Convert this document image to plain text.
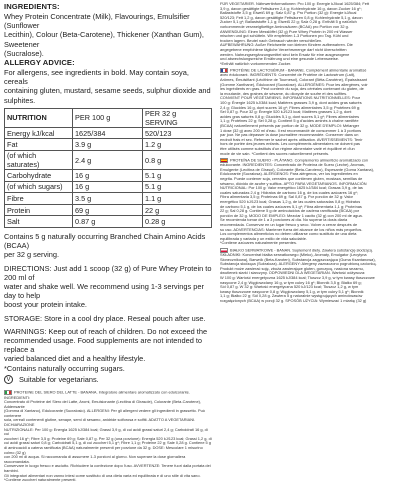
INGREDIENTS:
Whey Protein Concentrate (Milk), Flavourings, Emulsifier (Sunflower
Lecithin), Colour (Beta-Carotene), Thickener (Xanthan Gum), Sweetener
(Sucralose).
ALLERGY ADVICE:
For allergens, see ingredients in bold. May contain soya, cereals
containing gluten, mustard, sesame seeds, sulphur dioxide and sulphites.
NUTRITION	PER 100 g	PER 32 g SERVING
Energy kJ/kcal	1625/384	520/123
Fat	3.9 g	1.2 g
(of which saturates)	2.4 g	0.8 g
Carbohydrate	16 g	5.1 g
(of which sugars)	16 g	5.1 g
Fibre	3.5 g	1.1 g
Protein	69 g	22 g
Salt	0.87 g	0.28 g
Contains 5 g naturally occurring Branched Chain Amino Acids (BCAA)
per 32 g serving.
DIRECTIONS: Just add 1 scoop (32 g) of Pure Whey Protein to 200 ml of
water and shake well. We recommend using 1-3 servings per day to help
boost your protein intake.
STORAGE: Store in a cool dry place. Reseal pouch after use.
WARNINGS: Keep out of reach of children. Do not exceed the
recommended usage. Food supplements are not intended to replace a
varied balanced diet and a healthy lifestyle.
*Contains naturally occurring sugars.
V Suitable for vegetarians.
PROTEINE DEL SIERO DEL LATTE - BANANA. Integratore alimentare aromatizzato con edulcorante. INGREDIENTI:
Concentrato di Proteine del Siero del Latte, Aromi, Emulsionante (Lecitina di Girasole), Colorante (Beta-Carotene), Addensante
(Gomma di Xantano), Edulcorante (Sucralosio). ALLERGENI: Per gli allergeni vedere gli ingredienti in grassetto. Può contenere
soia, cereali contenenti glutine, senape, semi di sesamo, anidride solforosa e solfiti. ADATTO A VEGETARIANI. DICHIARAZIONE
NUTRIZIONALE: Per 100 g: Energia 1625 kJ/384 kcal; Grassi 3,9 g, di cui acidi grassi saturi 2,4 g; Carboidrati 16 g, di cui
zuccheri 16 g*; Fibre 3,5 g; Proteine 69 g; Sale 0,87 g. Per 32 g (una porzione): Energia 520 kJ/123 kcal; Grassi 1,2 g, di
cui acidi grassi saturi 0,8 g; Carboidrati 5,1 g, di cui zuccheri 5,1 g*; Fibre 1,1 g; Proteine 22 g; Sale 0,28 g. Contiene 5 g
di aminoacidi a catena ramificata (BCAA) naturalmente presenti per porzione da 32 g. DOSE: Mescolare 1 misurino colmo (32 g)
con 200 ml di acqua. Si raccomanda di assumere 1-3 porzioni al giorno. Non superare la dose giornaliera raccomandata.
Conservare in luogo fresco e asciutto. Richiudere la confezione dopo l'uso. AVVERTENZE: Tenere fuori dalla portata dei bambini.
Gli integratori alimentari non vanno intesi come sostituto di una dieta varia ed equilibrata e di uno stile di vita sano.
*Contiene zuccheri naturalmente presenti.
FÜR VEGETARIER. Nährwertinformationen: Pro 100 g: Energie kJ/kcal 1625/384; Fett
3,9 g, davon gesättigte Fettsäuren 2,4 g; Kohlenhydrate 16 g, davon Zucker 16 g*;
Ballaststoffe 3,5 g; Eiweiß 69 g; Salz 0,87 g. Pro Portion (32 g): Energie kJ/kcal
520/123; Fett 1,2 g, davon gesättigte Fettsäuren 0,8 g; Kohlenhydrate 5,1 g, davon
Zucker 5,1 g*; Ballaststoffe 1,1 g; Eiweiß 22 g; Salz 0,28 g. Enthält 5 g natürlich
vorkommende verzweigtkettige Aminosäuren (BCAA) pro Portion von 32 g.
ANWENDUNG: Einen Messlöffel (32 g) Pure Whey Protein in 200 ml Wasser
mischen und gut schütteln. Wir empfehlen 1-3 Portionen pro Tag. Kühl und
trocken lagern. Beutel nach Gebrauch wieder verschließen.
AUFBEWAHRUNG: Außer Reichweite von kleinen Kindern aufbewahren. Die
angegebene empfohlene tägliche Verzehrsmenge darf nicht überschritten
werden. Nahrungsergänzungsmittel sind kein Ersatz für eine ausgewogene
und abwechslungsreiche Ernährung und eine gesunde Lebensweise.
*Enthält natürlich vorkommenden Zucker.
PROTÉINE DE LACTOSÉRUM - BANANE. Complément alimentaire aromatisé
avec édulcorant. INGRÉDIENTS: Concentré de Protéine de Lactosérum (Lait),
Arômes, Émulsifiant (Lécithine de Tournesol), Colorant (Bêta-Carotène), Épaississant
(Gomme Xanthane), Édulcorant (Sucralose). ALLERGÈNES: Pour les allergènes, voir
les ingrédients en gras. Peut contenir du soja, des céréales contenant du gluten, de
la moutarde, des graines de sésame, du dioxyde de soufre et des sulfites.
CONVIENT POUR VÉGÉTARIENS. INFORMATIONS NUTRITIONNELLES: Pour
100 g: Énergie 1625 kJ/384 kcal; Matières grasses 3,9 g, dont acides gras saturés
2,4 g; Glucides 16 g, dont sucres 16 g*; Fibres alimentaires 3,5 g; Protéines 69 g;
Sel 0,87 g. Pour 32 g: Énergie 520 kJ/123 kcal; Matières grasses 1,2 g, dont
acides gras saturés 0,8 g; Glucides 5,1 g, dont sucres 5,1 g*; Fibres alimentaires
1,1 g; Protéines 22 g; Sel 0,28 g. Contient 5 g d'acides aminés à chaîne ramifiée
(BCAA) naturellement présents par portion de 32 g. MODE D'EMPLOI: Mélanger
1 dose (32 g) avec 200 ml d'eau. Il est recommandé de consommer 1 à 3 portions
par jour. Ne pas dépasser la dose journalière recommandée. Conserver dans un
endroit frais et sec. Refermer le sachet après utilisation. AVERTISSEMENTS: Tenir
hors de portée des jeunes enfants. Les compléments alimentaires ne doivent pas
être utilisés comme substituts d'un régime alimentaire varié et équilibré et d'un
mode de vie sain. *Contient des sucres naturellement présents.
PROTEÍNA DE SUERO - PLÁTANO. Complemento alimenticio aromatizado con
edulcorante. INGREDIENTES: Concentrado de Proteína de Suero (Leche), Aromas,
Emulgente (Lecitina de Girasol), Colorante (Beta-Caroteno), Espesante (Goma Xantana),
Edulcorante (Sucralosa). ALÉRGENOS: Para alérgenos, ver los ingredientes en
negrita. Puede contener soja, cereales que contienen gluten, mostaza, semillas de
sésamo, dióxido de azufre y sulfitos. APTO PARA VEGETARIANOS. INFORMACIÓN
NUTRICIONAL: Por 100 g: Valor energético 1625 kJ/384 kcal; Grasas 3,9 g, de las
cuales saturadas 2,4 g; Hidratos de carbono 16 g, de los cuales azúcares 16 g*;
Fibra alimentaria 3,5 g; Proteínas 69 g; Sal 0,87 g. Por porción de 32 g: Valor
energético 520 kJ/123 kcal; Grasas 1,2 g, de las cuales saturadas 0,8 g; Hidratos
de carbono 5,1 g, de los cuales azúcares 5,1 g*; Fibra alimentaria 1,1 g; Proteínas
22 g; Sal 0,28 g. Contiene 5 g de aminoácidos de cadena ramificada (BCAA) por
porción de 32 g. MODO DE EMPLEO: Mezclar 1 cacito (32 g) con 200 ml de agua.
Se recomienda tomar de 1 a 3 porciones al día. No superar la dosis diaria
recomendada. Conservar en un lugar fresco y seco. Volver a cerrar después de
su uso. ADVERTENCIAS: Mantener fuera del alcance de los niños más pequeños.
Los complementos alimenticios no deben utilizarse como sustituto de una dieta
equilibrada y variada y un estilo de vida saludable.
*Contiene azúcares naturalmente presentes.
BIAŁKO SERWATKOWE - BANAN. Suplement diety. Zawiera substancję słodzącą.
SKŁADNIKI: Koncentrat białka serwatkowego (Mleko), Aromaty, Emulgator (Lecytyna
Słonecznikowa), Barwnik (Beta-Karoten), Substancja zagęszczająca (Guma Ksantanowa),
Substancja słodząca (Sukraloza). ALERGENY: Alergeny zaznaczono pogrubioną czcionką.
Produkt może zawierać soję, zboża zawierające gluten, gorczycę, nasiona sezamu,
dwutlenek siarki i siarczyny. ODPOWIEDNI DLA WEGETARIAN. Wartość odżywcza:
W 100 g: Wartość energetyczna 1625 kJ/384 kcal; Tłuszcz 3,9 g, w tym kwasy tłuszczowe
nasycone 2,4 g; Węglowodany 16 g, w tym cukry 16 g*; Błonnik 3,5 g; Białko 69 g;
Sól 0,87 g. W 32 g: Wartość energetyczna 520 kJ/123 kcal; Tłuszcz 1,2 g, w tym
kwasy tłuszczowe nasycone 0,8 g; Węglowodany 5,1 g, w tym cukry 5,1 g*; Błonnik
1,1 g; Białko 22 g; Sól 0,28 g. Zawiera 5 g naturalnie występujących aminokwasów
rozgałęzionych (BCAA) w porcji 32 g. SPOSÓB UŻYCIA: Wymieszać 1 miarkę (32 g)
